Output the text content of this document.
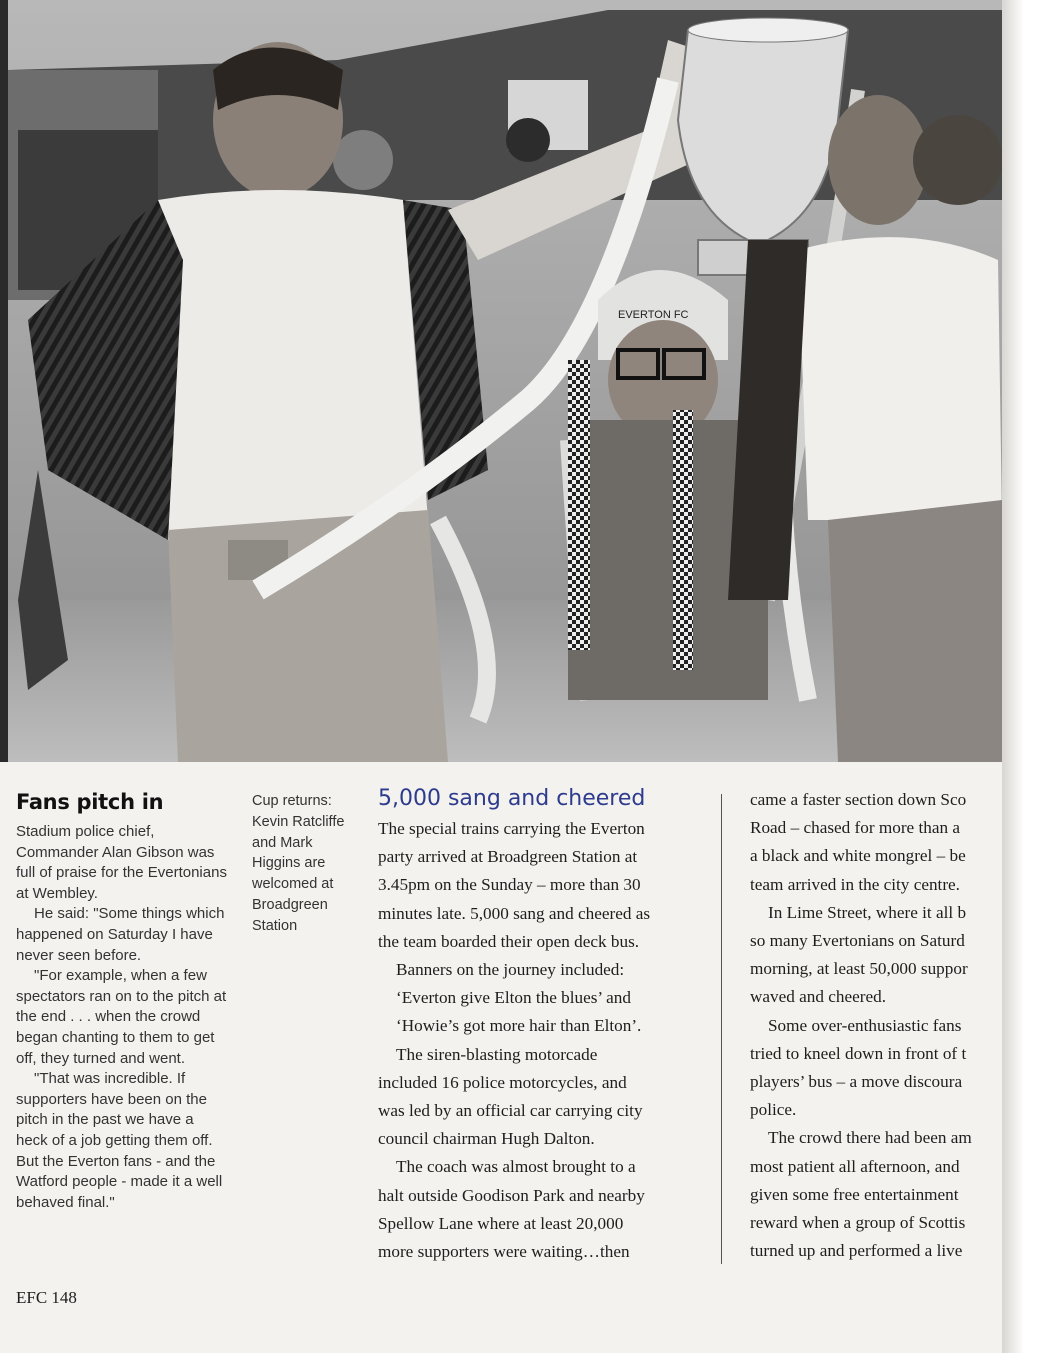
EVERTON FC
Fans pitch in

Stadium police chief, Commander Alan Gibson was full of praise for the Evertonians at Wembley.

He said: "Some things which happened on Saturday I have never seen before.

"For example, when a few spectators ran on to the pitch at the end . . . when the crowd began chanting to them to get off, they turned and went.

"That was incredible. If supporters have been on the pitch in the past we have a heck of a job getting them off. But the Everton fans - and the Watford people - made it a well behaved final."

Cup returns:
Kevin Ratcliffe
and Mark
Higgins are
welcomed at
Broadgreen
Station
5,000 sang and cheered

The special trains carrying the Everton

party arrived at Broadgreen Station at

3.45pm on the Sunday – more than 30

minutes late. 5,000 sang and cheered as

the team boarded their open deck bus.

Banners on the journey included:

‘Everton give Elton the blues’ and

‘Howie’s got more hair than Elton’.

The siren-blasting motorcade

included 16 police motorcycles, and

was led by an official car carrying city

council chairman Hugh Dalton.

The coach was almost brought to a

halt outside Goodison Park and nearby

Spellow Lane where at least 20,000

more supporters were waiting…then

came a faster section down Sco

Road – chased for more than a

a black and white mongrel – be

team arrived in the city centre.

In Lime Street, where it all b

so many Evertonians on Saturd

morning, at least 50,000 suppor

waved and cheered.

Some over-enthusiastic fans

tried to kneel down in front of t

players’ bus – a move discoura

police.

The crowd there had been am

most patient all afternoon, and

given some free entertainment

reward when a group of Scottis

turned up and performed a live

EFC 148
